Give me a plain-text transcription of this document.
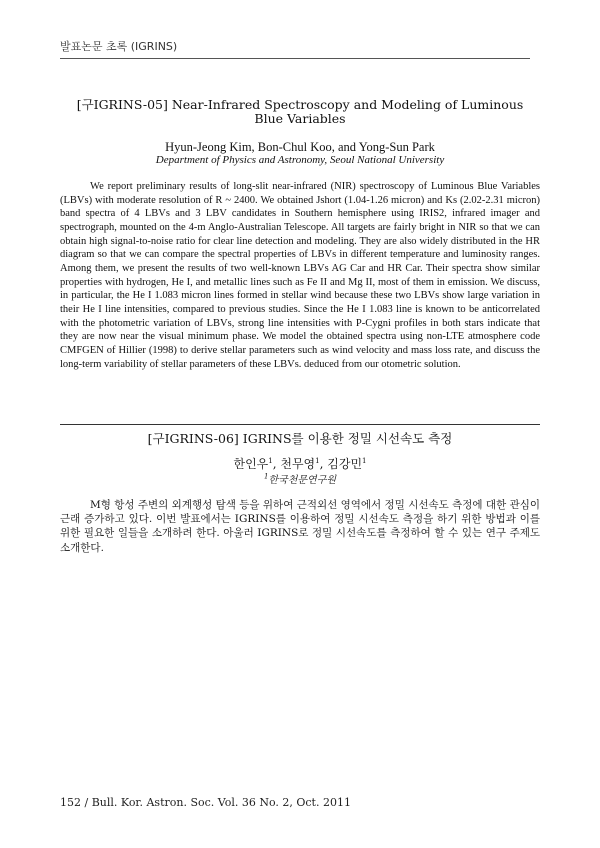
발표논문 초록 (IGRINS)
[구IGRINS-05] Near-Infrared Spectroscopy and Modeling of Luminous
Blue Variables
Hyun-Jeong Kim, Bon-Chul Koo, and Yong-Sun Park
Department of Physics and Astronomy, Seoul National University
We report preliminary results of long-slit near-infrared (NIR) spectroscopy of Luminous Blue Variables (LBVs) with moderate resolution of R ~ 2400. We obtained Jshort (1.04-1.26 micron) and Ks (2.02-2.31 micron) band spectra of 4 LBVs and 3 LBV candidates in Southern hemisphere using IRIS2, infrared imager and spectrograph, mounted on the 4-m Anglo-Australian Telescope. All targets are fairly bright in NIR so that we can obtain high signal-to-noise ratio for clear line detection and modeling. They are also widely distributed in the HR diagram so that we can compare the spectral properties of LBVs in different temperature and luminosity ranges. Among them, we present the results of two well-known LBVs AG Car and HR Car. Their spectra show similar properties with hydrogen, He I, and metallic lines such as Fe II and Mg II, most of them in emission. We discuss, in particular, the He I 1.083 micron lines formed in stellar wind because these two LBVs show large variation in their He I line intensities, compared to previous studies. Since the He I 1.083 line is known to be anticorrelated with the photometric variation of LBVs, strong line intensities with P-Cygni profiles in both stars indicate that they are now near the visual minimum phase. We model the obtained spectra using non-LTE atmosphere code CMFGEN of Hillier (1998) to derive stellar parameters such as wind velocity and mass loss rate, and discuss the long-term variability of stellar parameters of these LBVs. deduced from our otometric solution.
[구IGRINS-06] IGRINS를 이용한 정밀 시선속도 측정
한인우$^1$, 천무영$^1$, 김강민$^1$
$^1$한국천문연구원
M형 항성 주변의 외계행성 탐색 등을 위하여 근적외선 영역에서 정밀 시선속도 측정에 대한 관심이 근래 증가하고 있다. 이번 발표에서는 IGRINS를 이용하여 정밀 시선속도 측정을 하기 위한 방법과 이를 위한 필요한 일들을 소개하려 한다. 아울러 IGRINS로 정밀 시선속도를 측정하여 할 수 있는 연구 주제도 소개한다.
152 / Bull. Kor. Astron. Soc. Vol. 36 No. 2, Oct. 2011
